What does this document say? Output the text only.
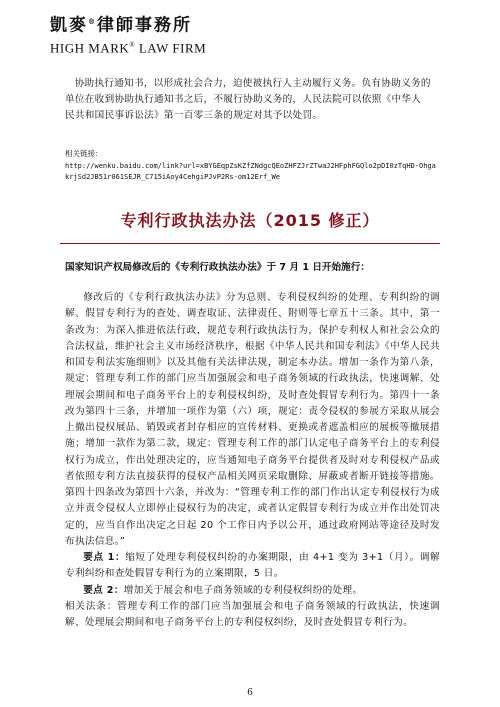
凱麥®律師事務所
HIGH MARK® LAW FIRM

协助执行通知书，以形成社会合力，迫使被执行人主动履行义务。负有协助义务的

单位在收到协助执行通知书之后，不履行协助义务的，人民法院可以依照《中华人

民共和国民事诉讼法》第一百零三条的规定对其予以处罚。

相关链接：
http://wenku.baidu.com/link?url=xBYGEqpZsKZfZNdgcQEoZHFZJrZTwaJ2HFphFGQlo2pDI0zTqHD-OhgakrjSd2JB51r061SEJR_C715iAoy4CehgiPJvP2Rs-om12Erf_We
专利行政执法办法（2015 修正）
国家知识产权局修改后的《专利行政执法办法》于 7 月 1 日开始施行：

修改后的《专利行政执法办法》分为总则、专利侵权纠纷的处理、专利纠纷的调解、假冒专利行为的查处、调查取证、法律责任、附则等七章五十三条。其中，第一条改为：为深入推进依法行政，规范专利行政执法行为，保护专利权人和社会公众的合法权益，维护社会主义市场经济秩序，根据《中华人民共和国专利法》《中华人民共和国专利法实施细则》以及其他有关法律法规，制定本办法。增加一条作为第八条，规定：管理专利工作的部门应当加强展会和电子商务领域的行政执法，快速调解、处理展会期间和电子商务平台上的专利侵权纠纷，及时查处假冒专利行为。第四十一条改为第四十三条，并增加一项作为第（六）项，规定：责令侵权的参展方采取从展会上撤出侵权展品、销毁或者封存相应的宣传材料、更换或者遮盖相应的展板等撤展措施；增加一款作为第二款，规定：管理专利工作的部门认定电子商务平台上的专利侵权行为成立，作出处理决定的，应当通知电子商务平台提供者及时对专利侵权产品或者依照专利方法直接获得的侵权产品相关网页采取删除、屏蔽或者断开链接等措施。第四十四条改为第四十六条，并改为：“管理专利工作的部门作出认定专利侵权行为成立并责令侵权人立即停止侵权行为的决定，或者认定假冒专利行为成立并作出处罚决定的，应当自作出决定之日起 20 个工作日内予以公开，通过政府网站等途径及时发布执法信息。”

要点 1：缩短了处理专利侵权纠纷的办案期限，由 4+1 变为 3+1（月）。调解专利纠纷和查处假冒专利行为的立案期限，5 日。

要点 2：增加关于展会和电子商务领域的专利侵权纠纷的处理。

相关法条：管理专利工作的部门应当加强展会和电子商务领域的行政执法，快速调解、处理展会期间和电子商务平台上的专利侵权纠纷，及时查处假冒专利行为。

6
